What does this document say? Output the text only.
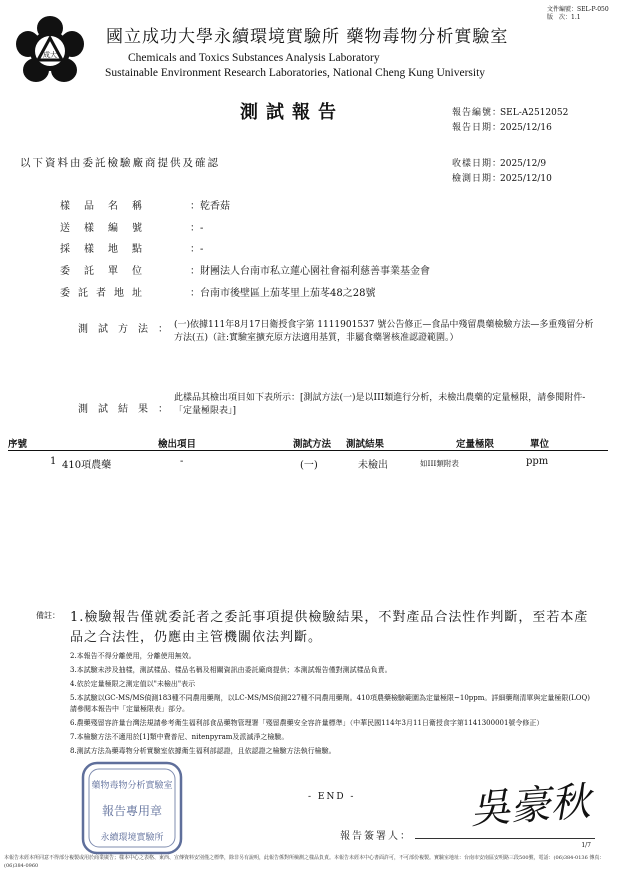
文件編號：SEL-P-050
版　次：1.1
成大
國立成功大學永續環境實驗所 藥物毒物分析實驗室
Chemicals and Toxics Substances Analysis Laboratory
Sustainable Environment Research Laboratories, National Cheng Kung University
測試報告	報告編號：SEL-A2512052
報告日期：2025/12/16
以下資料由委託檢驗廠商提供及確認	收樣日期：2025/12/9
檢測日期：2025/12/10
樣品名稱	：乾香菇
送樣編號	：-
採樣地點	：-
委託單位	：財團法人台南市私立蓮心園社會福利慈善事業基金會
委託者地址	：台南市後壁區上茄苳里上茄苳48之28號
測試方法：
(一)依據111年8月17日衛授食字第 1111901537 號公告修正—食品中殘留農藥檢驗方法—多重殘留分析方法(五)（註:實驗室擴充原方法適用基質，非屬食藥署核准認證範圍。）
測試結果：
此樣品其檢出項目如下表所示：[測試方法(一)是以III類進行分析，未檢出農藥的定量極限，請參閱附件-「定量極限表」]
序號	檢出項目	測試方法 測試結果	定量極限	單位
1 410項農藥	-	(一)	未檢出	如III類附表	ppm
備註： 1.檢驗報告僅就委託者之委託事項提供檢驗結果，不對產品合法性作判斷，至若本產品之合法性，仍應由主管機關依法判斷。
2.本報告不得分離使用，分離使用無效。
3.本試驗未涉及抽樣，測試樣品、樣品名稱及相關資訊由委託廠商提供；本測試報告僅對測試樣品負責。
4.依於定量極限之測定值以"未檢出"表示
5.本試驗以GC-MS/MS偵測183種不同農用藥劑，以LC-MS/MS偵測227種不同農用藥劑。410項農藥檢驗範圍為定量極限~10ppm。詳細藥劑清單與定量極限(LOQ)請參閱本報告中「定量極限表」部分。
6.農藥殘留容許量台灣法規請參考衛生福利部食品藥物管理署「殘留農藥安全容許量標準」（中華民國114年3月11日衛授食字第1141300001號令修正）
7.本檢驗方法不適用於[1]類中費普尼、nitenpyram及派滅淨之檢驗。
8.測試方法為藥毒物分析實驗室依據衛生福利部認證，且依認證之檢驗方法執行檢驗。
藥物毒物分析實驗室
報告專用章
永續環境實驗所
- END -	吳豪秋
報告簽署人：
1/7
本報告未經本所同意不得部分複製或用於商業廣告；樣本中心之表格、東西、宣傳資料安別僅之標準，除非另有說明，此報告係對所檢測之樣品負責。本報告未經本中心書面許可，不可部份複製。實驗室地址：台南市安南區安明路三段500號，電話：(06)384-0136 傳真：(06)384-0960
